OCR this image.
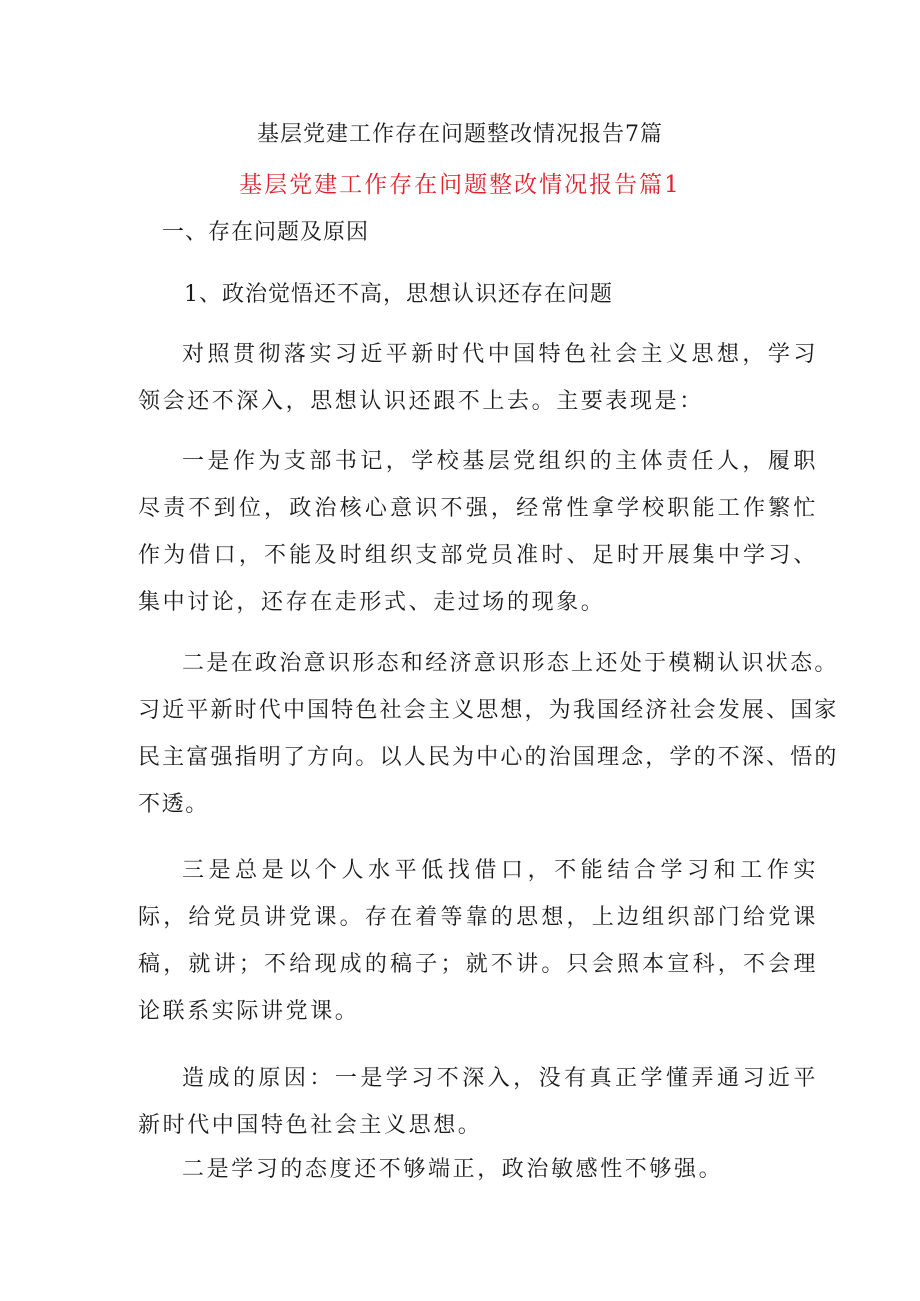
基层党建工作存在问题整改情况报告7篇
基层党建工作存在问题整改情况报告篇1
一、存在问题及原因
1、政治觉悟还不高，思想认识还存在问题

对照贯彻落实习近平新时代中国特色社会主义思想，学习领会还不深入，思想认识还跟不上去。主要表现是：

一是作为支部书记，学校基层党组织的主体责任人，履职尽责不到位，政治核心意识不强，经常性拿学校职能工作繁忙作为借口，不能及时组织支部党员准时、足时开展集中学习、集中讨论，还存在走形式、走过场的现象。

二是在政治意识形态和经济意识形态上还处于模糊认识状态。习近平新时代中国特色社会主义思想，为我国经济社会发展、国家民主富强指明了方向。以人民为中心的治国理念，学的不深、悟的不透。

三是总是以个人水平低找借口，不能结合学习和工作实际，给党员讲党课。存在着等靠的思想，上边组织部门给党课稿，就讲；不给现成的稿子；就不讲。只会照本宣科，不会理论联系实际讲党课。

造成的原因：一是学习不深入，没有真正学懂弄通习近平新时代中国特色社会主义思想。

二是学习的态度还不够端正，政治敏感性不够强。
